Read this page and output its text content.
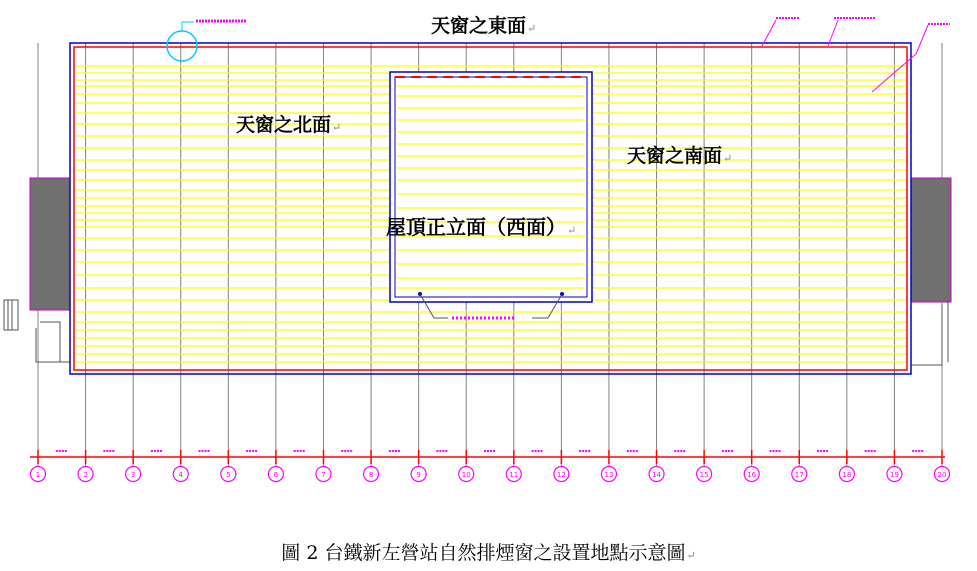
1	2	3	4	5	6	7	8	9	10	11	12	13	14	15	16	17	18	19	20
天窗之東面↵
天窗之北面↵
天窗之南面↵
屋頂正立面（西面）↵
圖 2 台鐵新左營站自然排煙窗之設置地點示意圖↵
